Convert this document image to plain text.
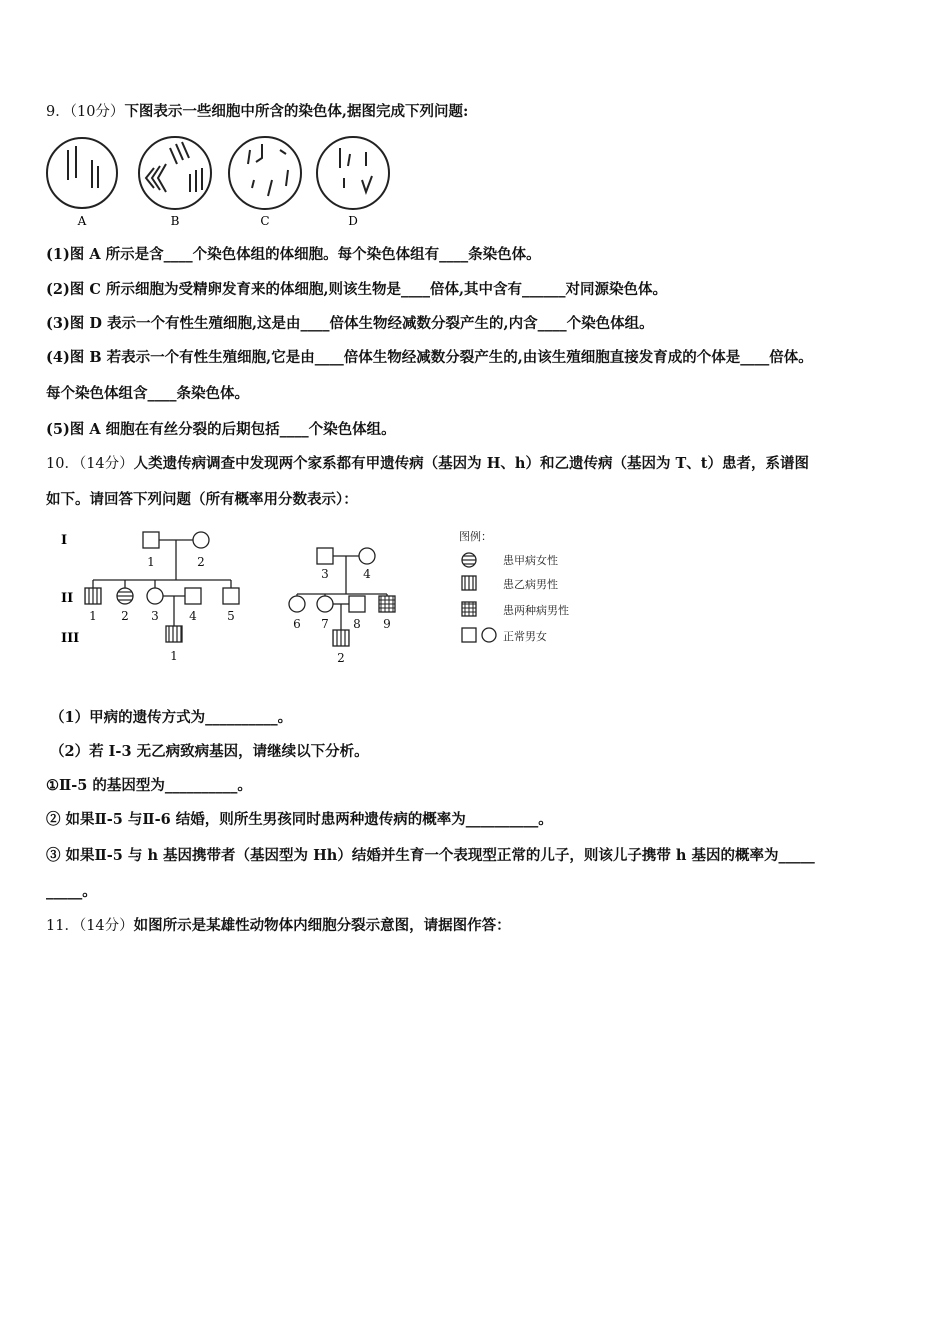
9．（10分）下图表示一些细胞中所含的染色体,据图完成下列问题:
A	B	C	D
(1)图 A 所示是含____个染色体组的体细胞。每个染色体组有____条染色体。
(2)图 C 所示细胞为受精卵发育来的体细胞,则该生物是____倍体,其中含有______对同源染色体。
(3)图 D 表示一个有性生殖细胞,这是由____倍体生物经减数分裂产生的,内含____个染色体组。
(4)图 B 若表示一个有性生殖细胞,它是由____倍体生物经减数分裂产生的,由该生殖细胞直接发育成的个体是____倍体。
每个染色体组含____条染色体。
(5)图 A 细胞在有丝分裂的后期包括____个染色体组。
10．（14分）人类遗传病调查中发现两个家系都有甲遗传病（基因为 H、h）和乙遗传病（基因为 T、t）患者，系谱图
如下。请回答下列问题（所有概率用分数表示）：
I
II
III
1	2
1 2 3	4	5
1
3	4
6 7 8 9
2
图例：
患甲病女性
患乙病男性
患两种病男性
正常男女
（1）甲病的遗传方式为__________。
（2）若 I-3 无乙病致病基因，请继续以下分析。
①Ⅱ-5 的基因型为__________。
② 如果Ⅱ-5 与Ⅱ-6 结婚，则所生男孩同时患两种遗传病的概率为__________。
③ 如果Ⅱ-5 与 h 基因携带者（基因型为 Hh）结婚并生育一个表现型正常的儿子，则该儿子携带 h 基因的概率为_____
_____。
11．（14分）如图所示是某雄性动物体内细胞分裂示意图，请据图作答：
